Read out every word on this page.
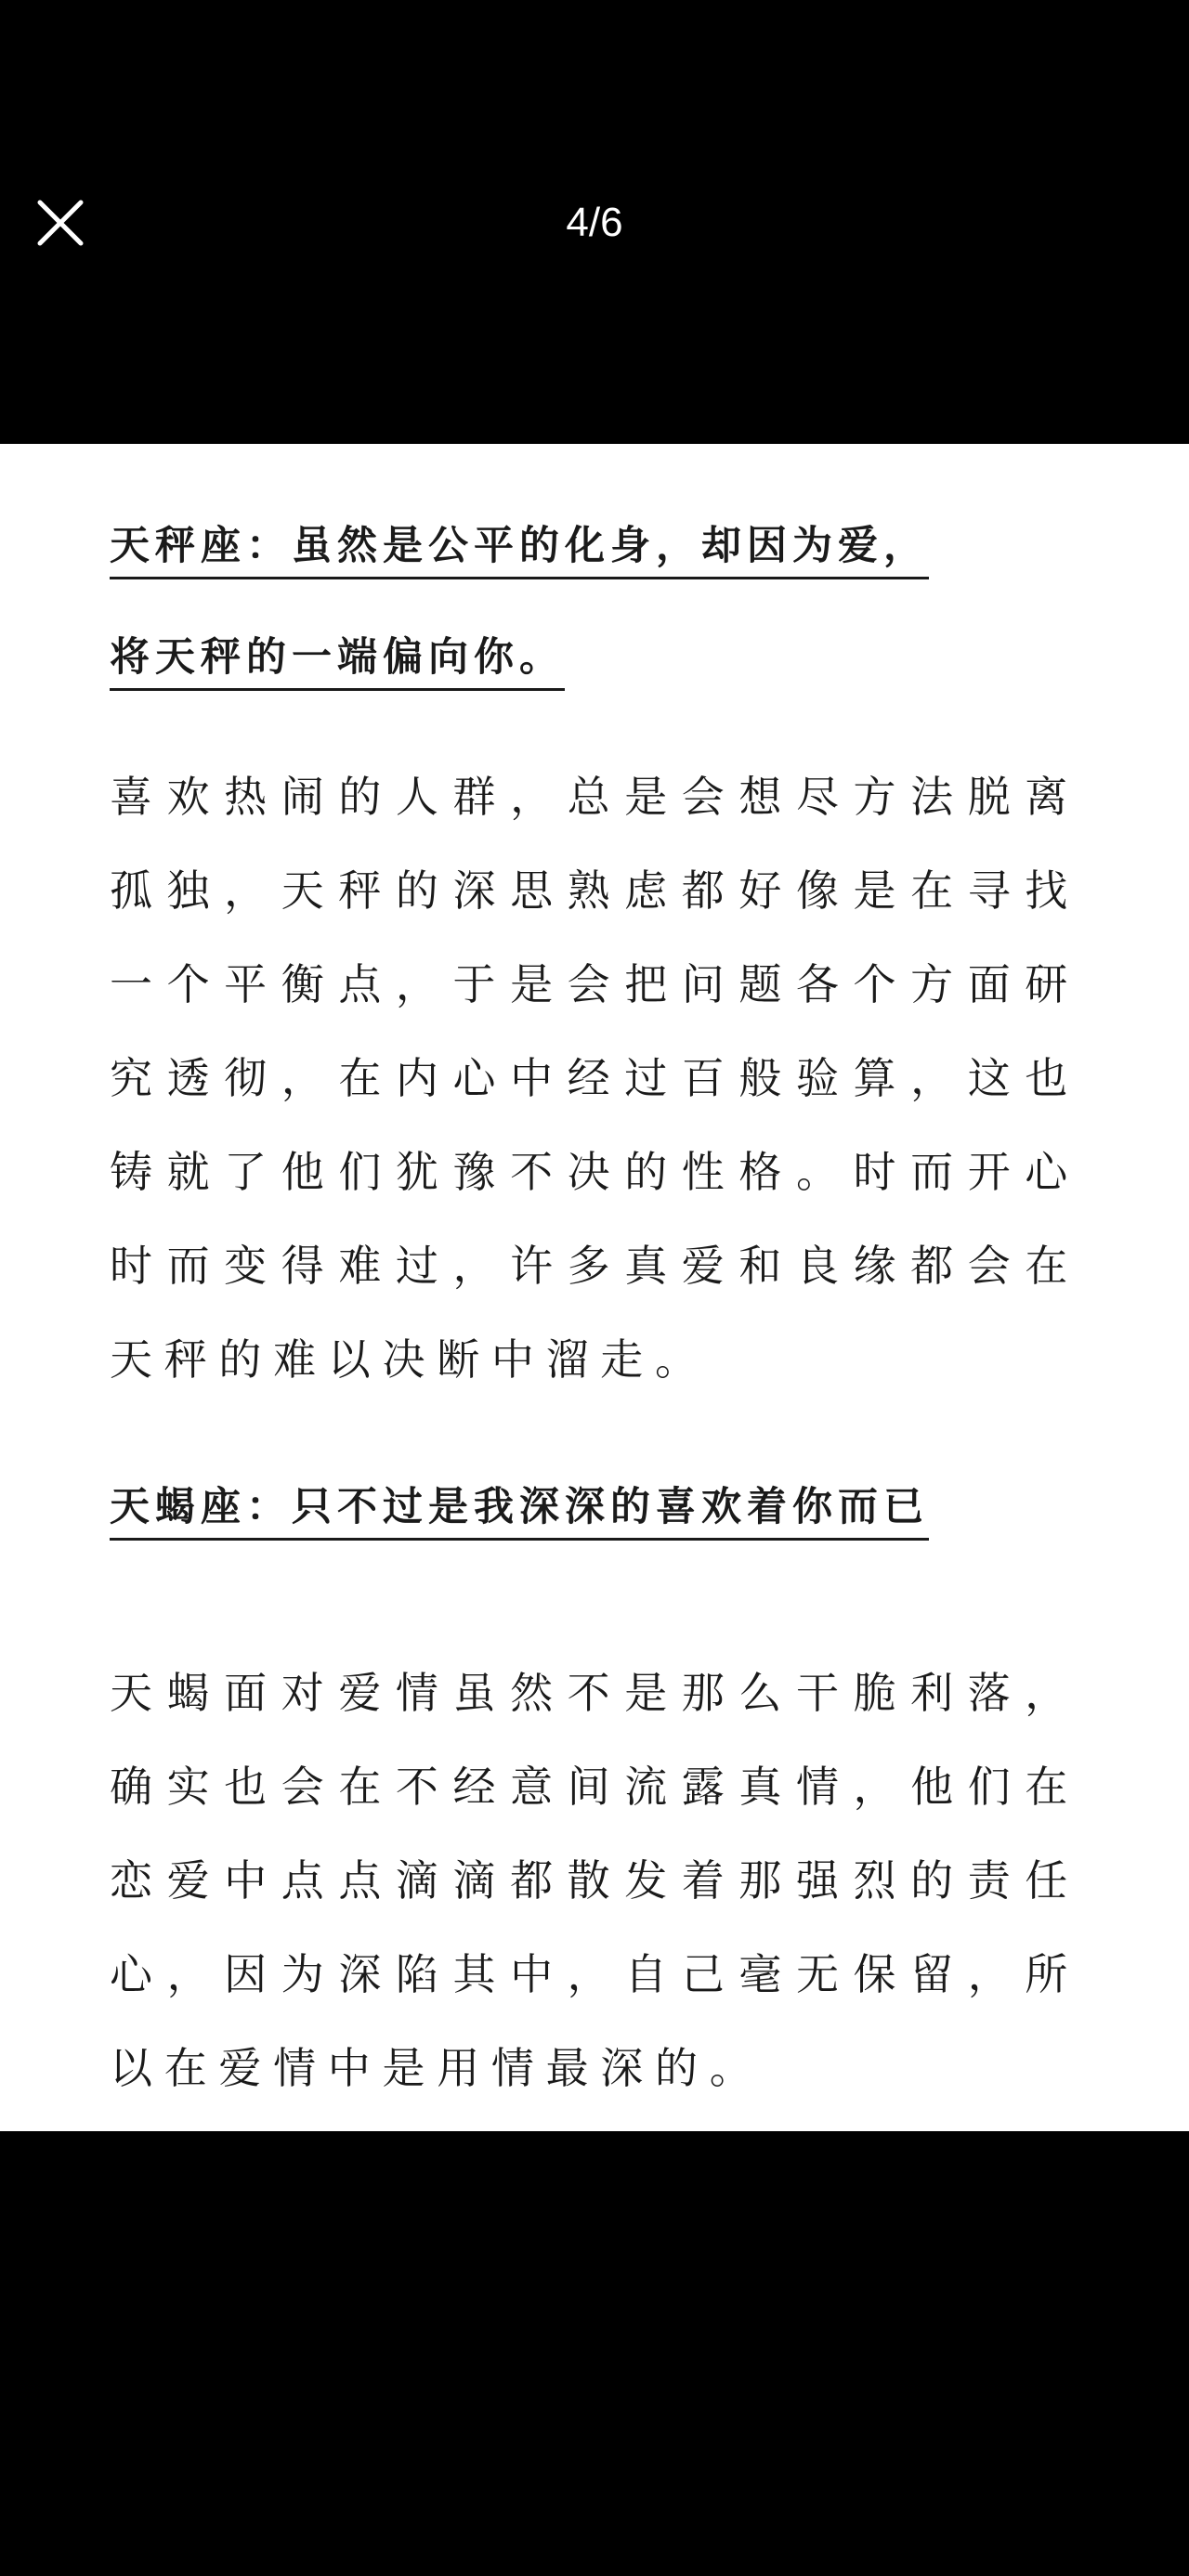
4/6
天秤座：虽然是公平的化身，却因为爱，
将天秤的一端偏向你。

喜欢热闹的人群，总是会想尽方法脱离孤独，天秤的深思熟虑都好像是在寻找一个平衡点，于是会把问题各个方面研究透彻，在内心中经过百般验算，这也铸就了他们犹豫不决的性格。时而开心时而变得难过，许多真爱和良缘都会在天秤的难以决断中溜走。

天蝎座：只不过是我深深的喜欢着你而已

天蝎面对爱情虽然不是那么干脆利落，确实也会在不经意间流露真情，他们在恋爱中点点滴滴都散发着那强烈的责任心，因为深陷其中，自己毫无保留，所以在爱情中是用情最深的。
